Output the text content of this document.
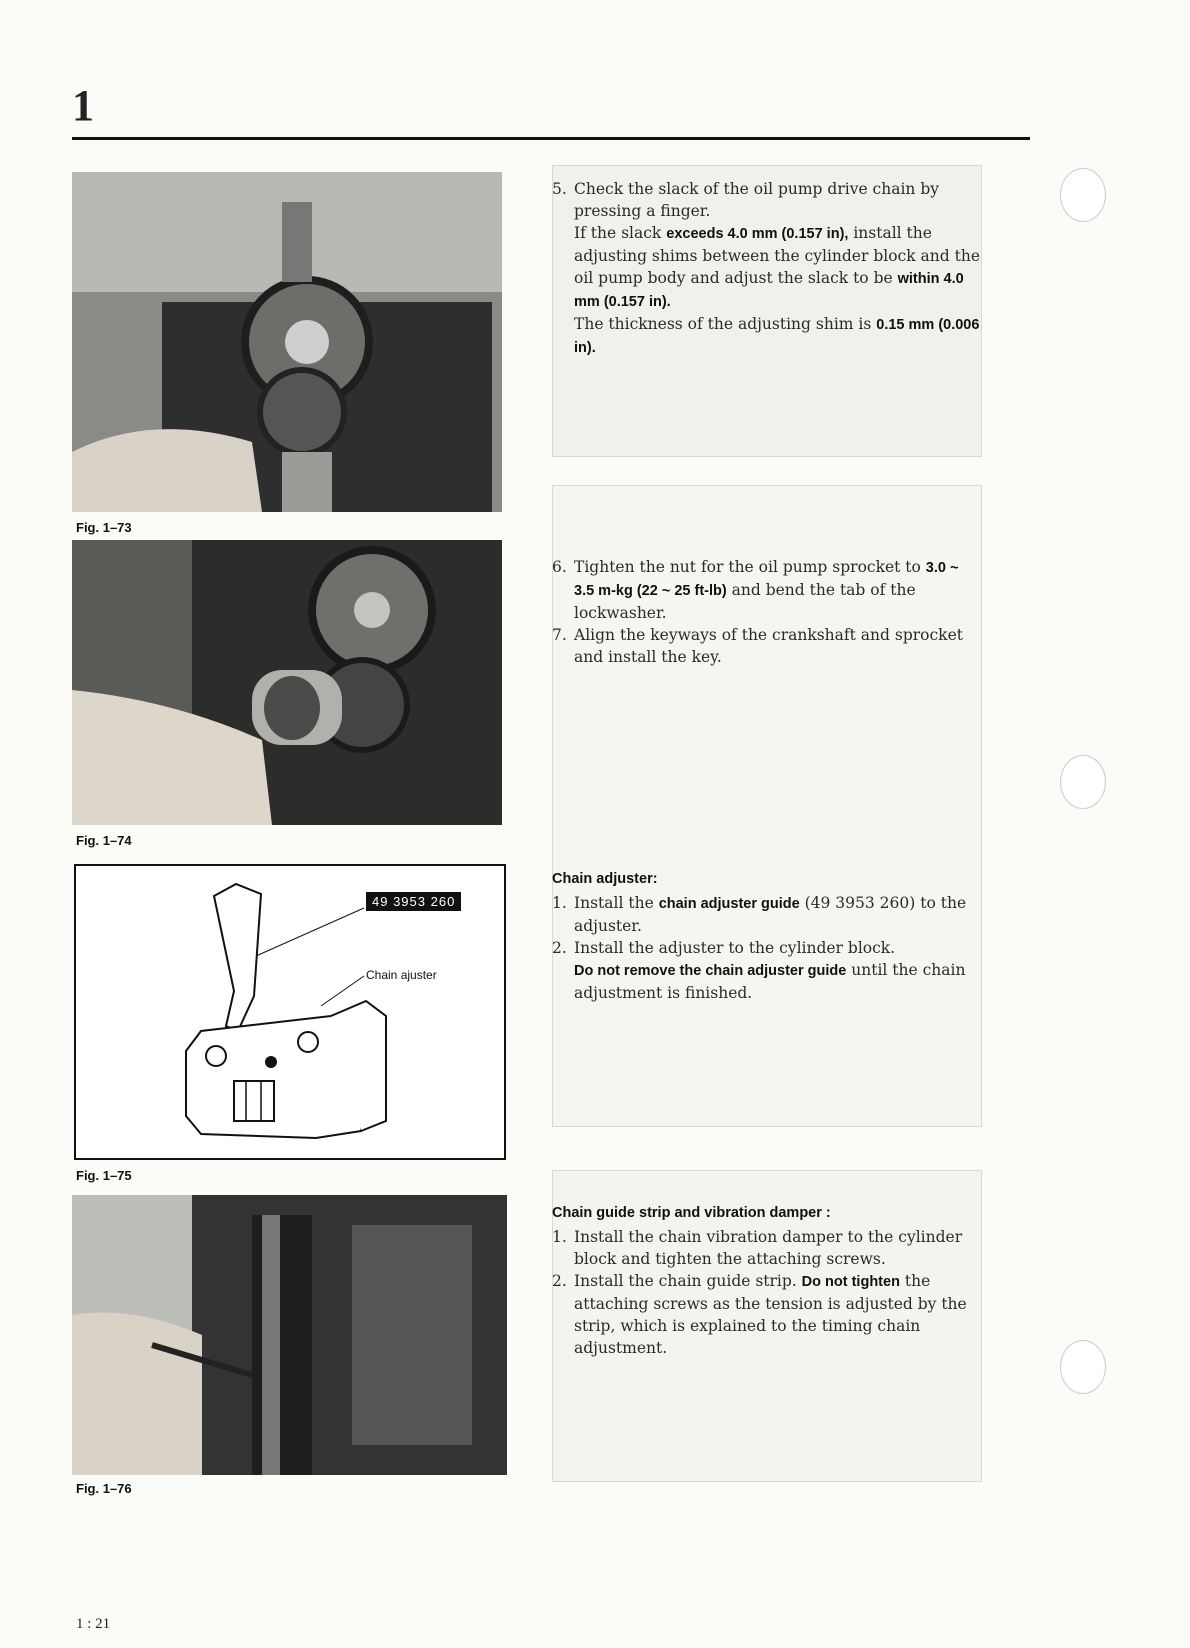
1
Fig. 1–73
Fig. 1–74
49 3953 260
Chain ajuster
Fig. 1–75
Fig. 1–76
5. Check the slack of the oil pump drive chain by pressing a finger.
If the slack exceeds 4.0 mm (0.157 in), install the adjusting shims between the cylinder block and the oil pump body and adjust the slack to be within 4.0 mm (0.157 in).
The thickness of the adjusting shim is 0.15 mm (0.006 in).
6. Tighten the nut for the oil pump sprocket to 3.0 ~ 3.5 m-kg (22 ~ 25 ft-lb) and bend the tab of the lockwasher.
7. Align the keyways of the crankshaft and sprocket and install the key.
Chain adjuster:
1. Install the chain adjuster guide (49 3953 260) to the adjuster.
2. Install the adjuster to the cylinder block.
Do not remove the chain adjuster guide until the chain adjustment is finished.
Chain guide strip and vibration damper :
1. Install the chain vibration damper to the cylinder block and tighten the attaching screws.
2. Install the chain guide strip. Do not tighten the attaching screws as the tension is adjusted by the strip, which is explained to the timing chain adjustment.
1 : 21
